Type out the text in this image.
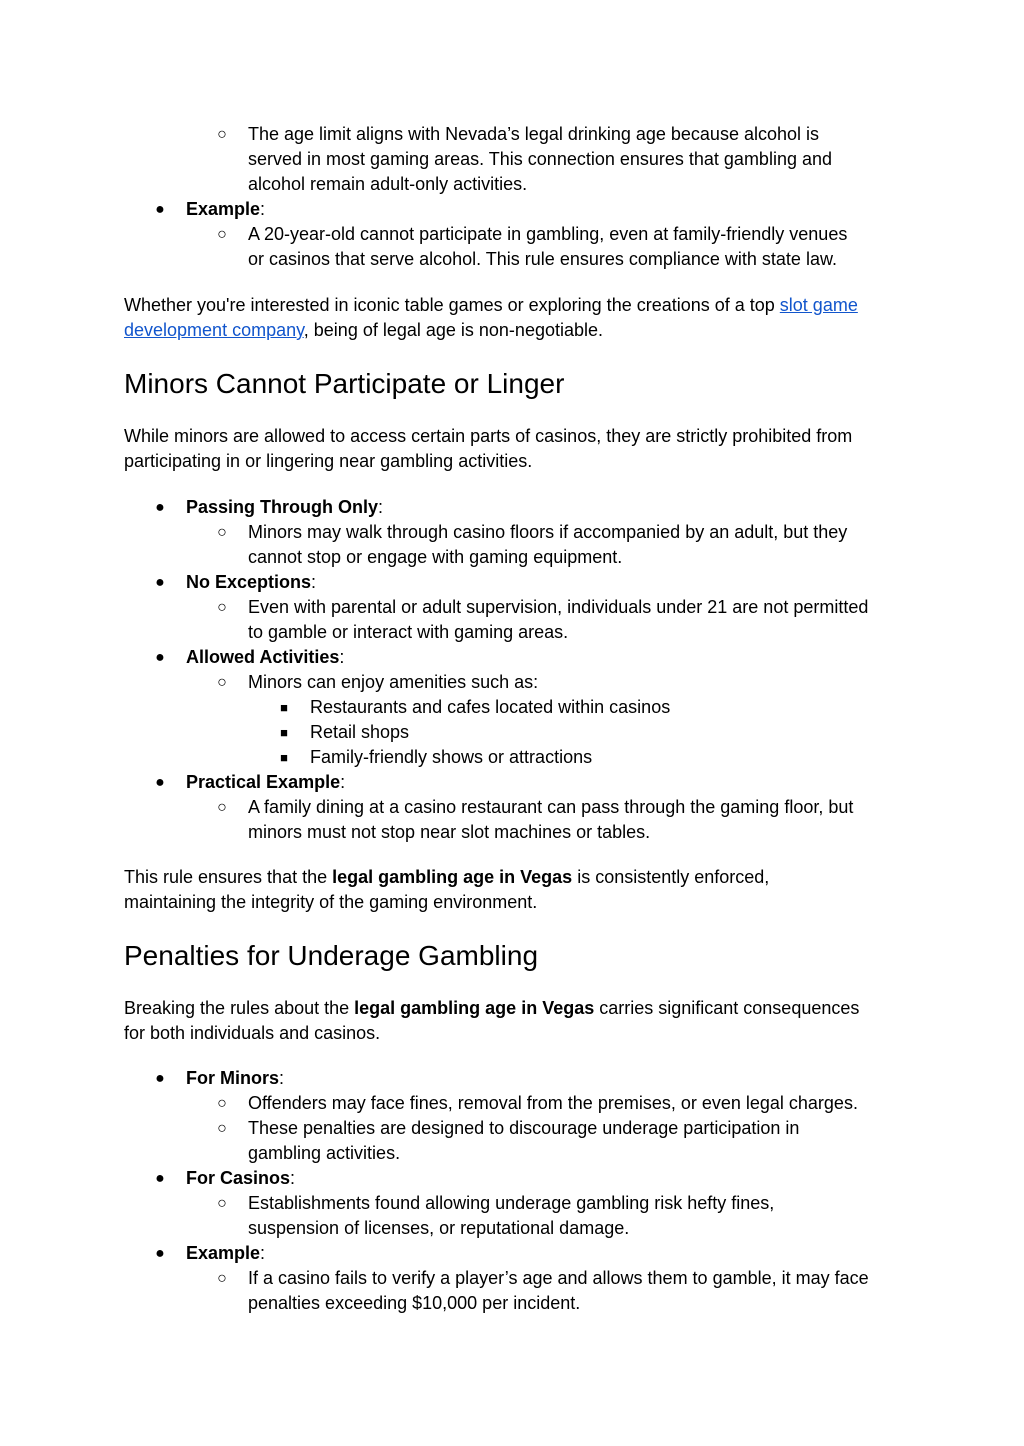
○ The age limit aligns with Nevada’s legal drinking age because alcohol is

served in most gaming areas. This connection ensures that gambling and

alcohol remain adult-only activities.

● Example:

○ A 20-year-old cannot participate in gambling, even at family-friendly venues

or casinos that serve alcohol. This rule ensures compliance with state law.

Whether you're interested in iconic table games or exploring the creations of a top slot game

development company, being of legal age is non-negotiable.

Minors Cannot Participate or Linger

While minors are allowed to access certain parts of casinos, they are strictly prohibited from

participating in or lingering near gambling activities.

● Passing Through Only:

○ Minors may walk through casino floors if accompanied by an adult, but they

cannot stop or engage with gaming equipment.

● No Exceptions:

○ Even with parental or adult supervision, individuals under 21 are not permitted

to gamble or interact with gaming areas.

● Allowed Activities:

○ Minors can enjoy amenities such as:

■	Restaurants and cafes located within casinos

■	Retail shops

■	Family-friendly shows or attractions

● Practical Example:

○ A family dining at a casino restaurant can pass through the gaming floor, but

minors must not stop near slot machines or tables.

This rule ensures that the legal gambling age in Vegas is consistently enforced,

maintaining the integrity of the gaming environment.

Penalties for Underage Gambling

Breaking the rules about the legal gambling age in Vegas carries significant consequences

for both individuals and casinos.

● For Minors:

○ Offenders may face fines, removal from the premises, or even legal charges.

○ These penalties are designed to discourage underage participation in

gambling activities.

● For Casinos:

○ Establishments found allowing underage gambling risk hefty fines,

suspension of licenses, or reputational damage.

● Example:

○ If a casino fails to verify a player’s age and allows them to gamble, it may face

penalties exceeding $10,000 per incident.
